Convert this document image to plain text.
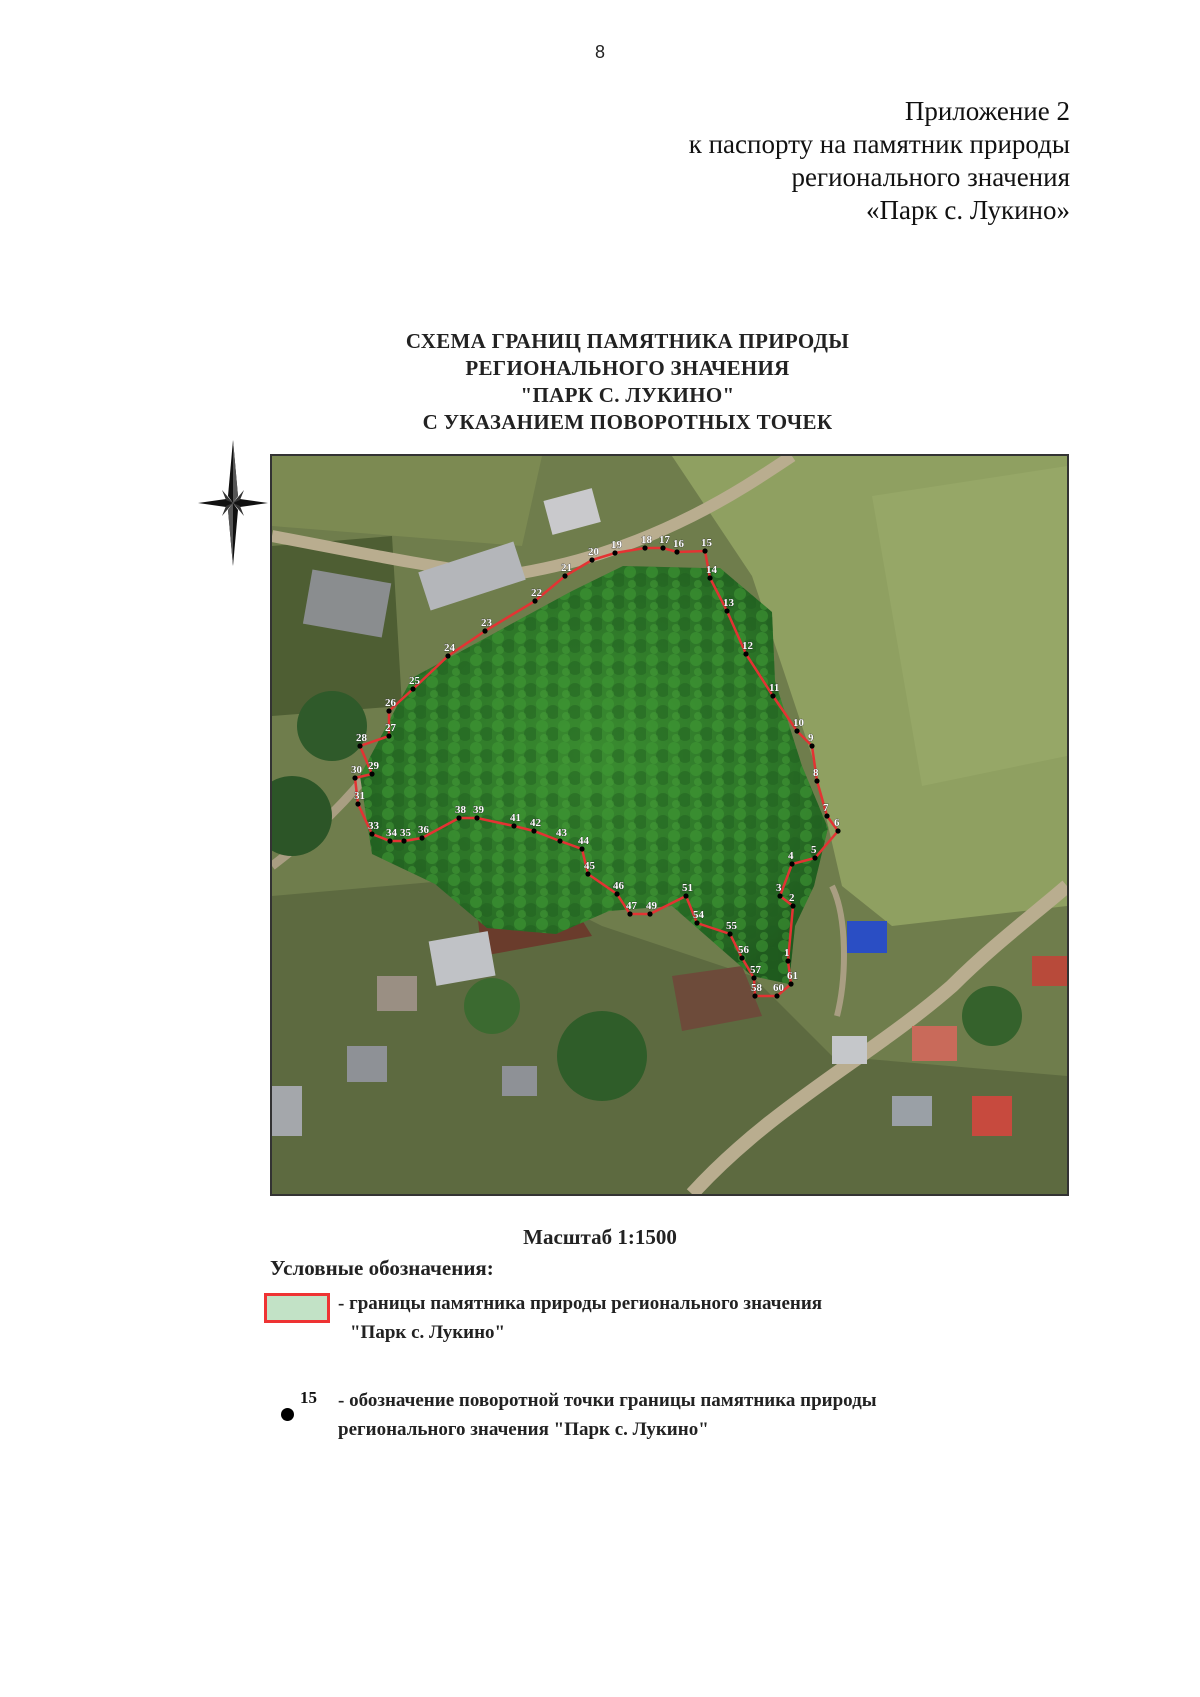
8
Приложение 2
к паспорту на памятник природы
регионального значения
«Парк с. Лукино»
СХЕМА ГРАНИЦ ПАМЯТНИКА ПРИРОДЫ
РЕГИОНАЛЬНОГО ЗНАЧЕНИЯ
"ПАРК С. ЛУКИНО"
С УКАЗАНИЕМ ПОВОРОТНЫХ ТОЧЕК
1
2
3
4 5
6
7
8
9
10
11
12
13
14
15
16
17
18
19
20
21
22
23
24
25
26
27
28
29
30
31
33
34 35 36
38 39
41 42
43
44
45
46
47 49
51
54
55
56
57
58 60
61
Масштаб 1:1500
Условные обозначения:
- границы памятника природы регионального значения
"Парк с. Лукино"
15 - обозначение поворотной точки границы памятника природы
регионального значения "Парк с. Лукино"
